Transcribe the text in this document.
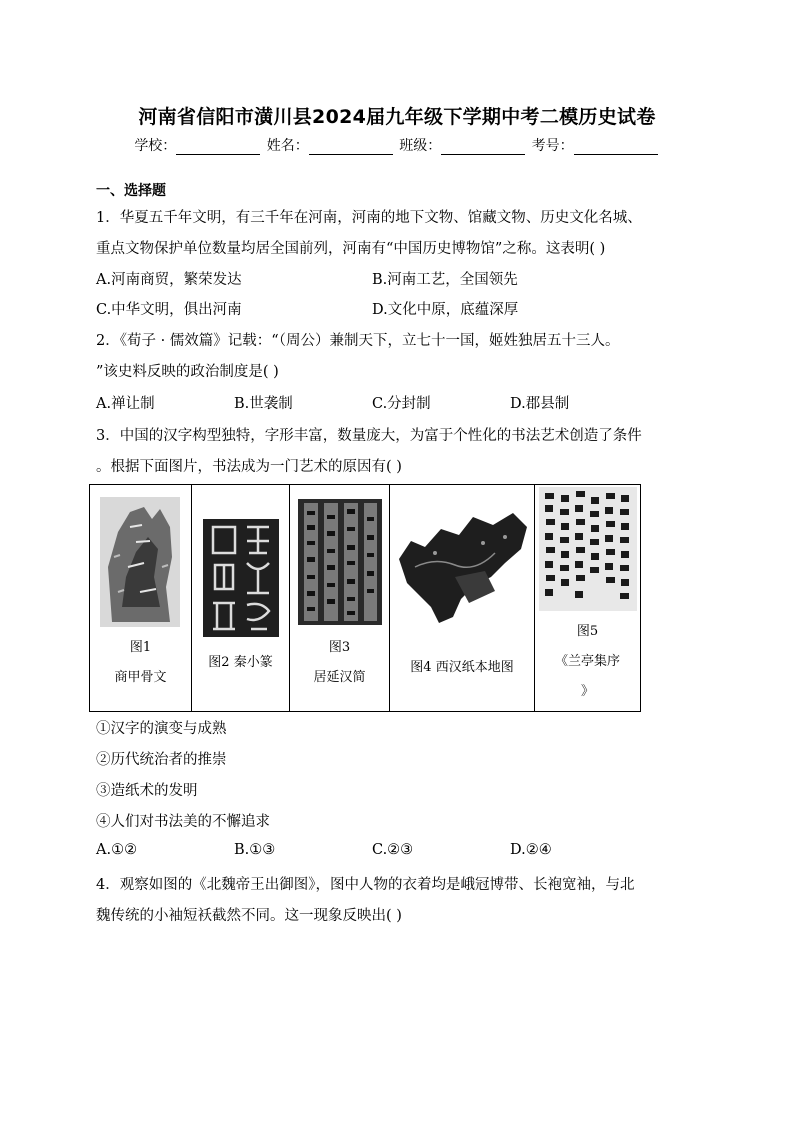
河南省信阳市潢川县2024届九年级下学期中考二模历史试卷
学校：	姓名：	班级：	考号：
一、选择题
1．华夏五千年文明，有三千年在河南，河南的地下文物、馆藏文物、历史文化名城、
重点文物保护单位数量均居全国前列，河南有“中国历史博物馆”之称。这表明( )
A.河南商贸，繁荣发达	B.河南工艺，全国领先
C.中华文明，俱出河南	D.文化中原，底蕴深厚
2．《荀子 · 儒效篇》记载：“（周公）兼制天下，立七十一国，姬姓独居五十三人。
”该史料反映的政治制度是( )
A.禅让制	B.世袭制	C.分封制	D.郡县制
3．中国的汉字构型独特，字形丰富，数量庞大，为富于个性化的书法艺术创造了条件
。根据下面图片，书法成为一门艺术的原因有( )
图1
商甲骨文
图2 秦小篆
图3
居延汉简
图4 西汉纸本地图
图5
《兰亭集序
》
①汉字的演变与成熟
②历代统治者的推崇
③造纸术的发明
④人们对书法美的不懈追求
A.①②	B.①③	C.②③	D.②④
4．观察如图的《北魏帝王出御图》，图中人物的衣着均是峨冠博带、长袍宽袖，与北
魏传统的小袖短袄截然不同。这一现象反映出( )
